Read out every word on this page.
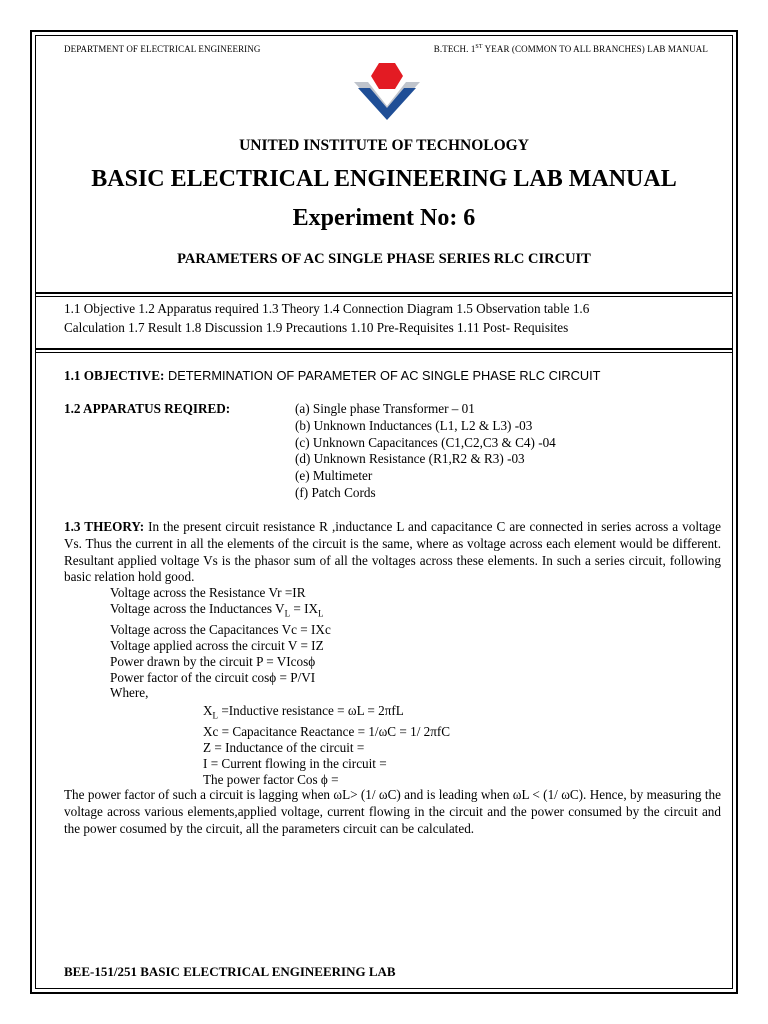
DEPARTMENT OF ELECTRICAL ENGINEERING	B.TECH. 1ST YEAR (COMMON TO ALL BRANCHES) LAB MANUAL
UNITED INSTITUTE OF TECHNOLOGY
BASIC ELECTRICAL ENGINEERING LAB MANUAL
Experiment No: 6
PARAMETERS OF AC SINGLE PHASE SERIES RLC CIRCUIT
1.1 Objective 1.2 Apparatus required 1.3 Theory 1.4 Connection Diagram 1.5 Observation table 1.6
Calculation 1.7 Result 1.8 Discussion 1.9 Precautions 1.10 Pre-Requisites 1.11 Post- Requisites
1.1 OBJECTIVE: DETERMINATION OF PARAMETER OF AC SINGLE PHASE RLC CIRCUIT
1.2 APPARATUS REQIRED:	(a) Single phase Transformer – 01
(b) Unknown Inductances (L1, L2 & L3) -03
(c) Unknown Capacitances (C1,C2,C3 & C4) -04
(d) Unknown Resistance (R1,R2 & R3) -03
(e) Multimeter
(f) Patch Cords
1.3 THEORY: In the present circuit resistance R ,inductance L and capacitance C are connected in series across a voltage Vs. Thus the current in all the elements of the circuit is the same, where as voltage across each element would be different. Resultant applied voltage Vs is the phasor sum of all the voltages across these elements. In such a series circuit, following basic relation hold good.
Voltage across the Resistance Vr =IR
Voltage across the Inductances $V_L = IX_L$
Voltage across the Capacitances Vc = IXc
Voltage applied across the circuit V = IZ
Power drawn by the circuit P = VIcosϕ
Power factor of the circuit cosϕ = P/VI
Where,
$X_L$ =Inductive resistance = ωL = 2πfL
Xc = Capacitance Reactance = 1/ωC = 1/ 2πfC
Z = Inductance of the circuit =
I = Current flowing in the circuit =
The power factor Cos ϕ =
The power factor of such a circuit is lagging when ωL> (1/ ωC) and is leading when ωL < (1/ ωC). Hence, by measuring the voltage across various elements,applied voltage, current flowing in the circuit and the power consumed by the circuit and the power cosumed by the circuit, all the parameters circuit can be calculated.
BEE-151/251 BASIC ELECTRICAL ENGINEERING LAB
